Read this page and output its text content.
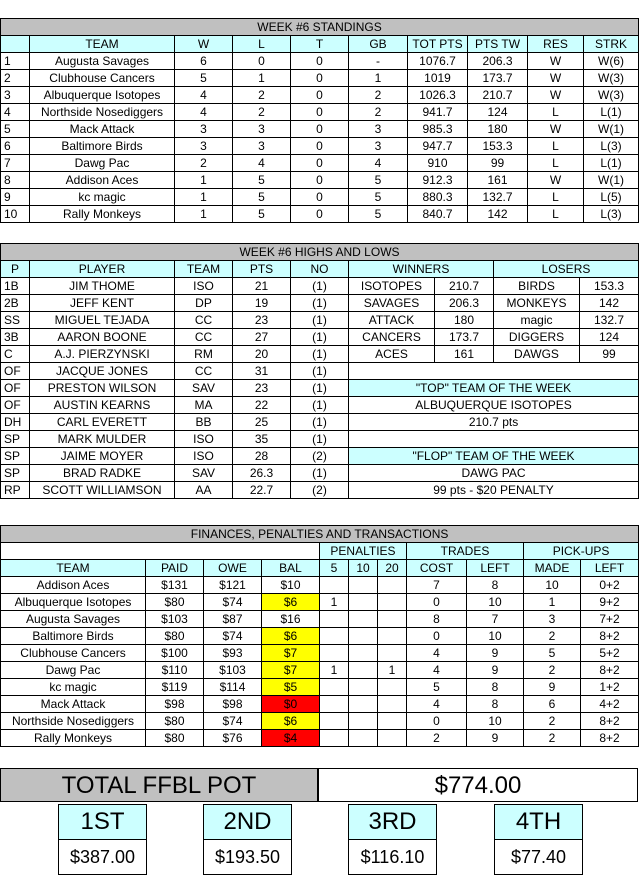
WEEK #6 STANDINGS									
	TEAM	W	L	T	GB	TOT PTS	PTS TW	RES	STRK
1	Augusta Savages	6	0	0	-	1076.7	206.3	W	W(6)
2	Clubhouse Cancers	5	1	0	1	1019	173.7	W	W(3)
3	Albuquerque Isotopes	4	2	0	2	1026.3	210.7	W	W(3)
4	Northside Nosediggers	4	2	0	2	941.7	124	L	L(1)
5	Mack Attack	3	3	0	3	985.3	180	W	W(1)
6	Baltimore Birds	3	3	0	3	947.7	153.3	L	L(3)
7	Dawg Pac	2	4	0	4	910	99	L	L(1)
8	Addison Aces	1	5	0	5	912.3	161	W	W(1)
9	kc magic	1	5	0	5	880.3	132.7	L	L(5)
10	Rally Monkeys	1	5	0	5	840.7	142	L	L(3)
WEEK #6 HIGHS AND LOWS								
P	PLAYER	TEAM	PTS	NO	WINNERS		LOSERS	
1B	JIM THOME	ISO	21	(1)	ISOTOPES	210.7	BIRDS	153.3
2B	JEFF KENT	DP	19	(1)	SAVAGES	206.3	MONKEYS	142
SS	MIGUEL TEJADA	CC	23	(1)	ATTACK	180	magic	132.7
3B	AARON BOONE	CC	27	(1)	CANCERS	173.7	DIGGERS	124
C	A.J. PIERZYNSKI	RM	20	(1)	ACES	161	DAWGS	99
OF	JACQUE JONES	CC	31	(1)				
OF	PRESTON WILSON	SAV	23	(1)	"TOP" TEAM OF THE WEEK			
OF	AUSTIN KEARNS	MA	22	(1)	ALBUQUERQUE ISOTOPES			
DH	CARL EVERETT	BB	25	(1)	210.7 pts			
SP	MARK MULDER	ISO	35	(1)				
SP	JAIME MOYER	ISO	28	(2)	"FLOP" TEAM OF THE WEEK			
SP	BRAD RADKE	SAV	26.3	(1)	DAWG PAC			
RP	SCOTT WILLIAMSON	AA	22.7	(2)	99 pts - $20 PENALTY			
FINANCES, PENALTIES AND TRANSACTIONS										
				PENALTIES			TRADES		PICK-UPS	
TEAM	PAID	OWE	BAL	5	10	20	COST	LEFT	MADE	LEFT
Addison Aces	$131	$121	$10				7	8	10	0+2
Albuquerque Isotopes	$80	$74	$6	1			0	10	1	9+2
Augusta Savages	$103	$87	$16				8	7	3	7+2
Baltimore Birds	$80	$74	$6				0	10	2	8+2
Clubhouse Cancers	$100	$93	$7				4	9	5	5+2
Dawg Pac	$110	$103	$7	1		1	4	9	2	8+2
kc magic	$119	$114	$5				5	8	9	1+2
Mack Attack	$98	$98	$0				4	8	6	4+2
Northside Nosediggers	$80	$74	$6				0	10	2	8+2
Rally Monkeys	$80	$76	$4				2	9	2	8+2
TOTAL FFBL POT	$774.00
1ST
$387.00
2ND
$193.50
3RD
$116.10
4TH
$77.40
